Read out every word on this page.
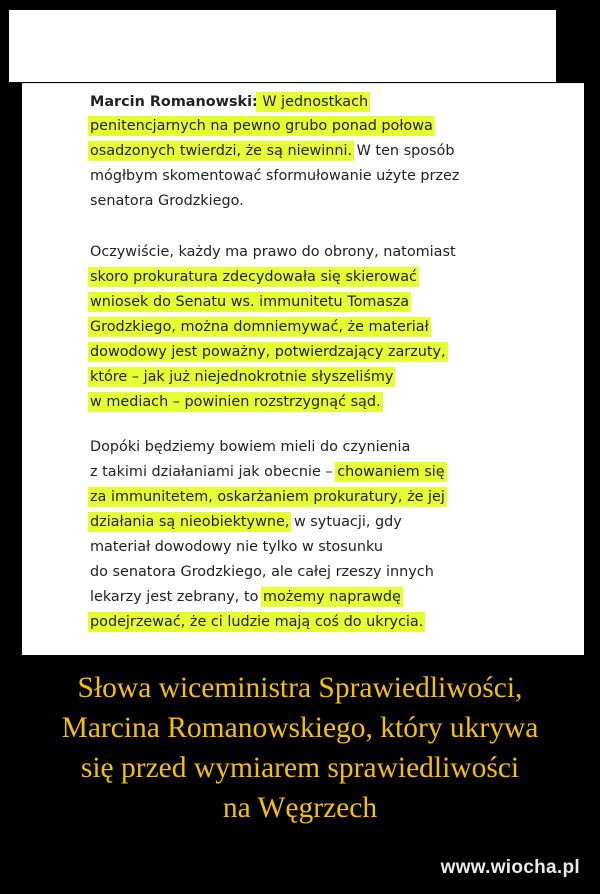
Marcin Romanowski: W jednostkach
penitencjarnych na pewno grubo ponad połowa
osadzonych twierdzi, że są niewinni. W ten sposób
mógłbym skomentować sformułowanie użyte przez
senatora Grodzkiego.
Oczywiście, każdy ma prawo do obrony, natomiast
skoro prokuratura zdecydowała się skierować
wniosek do Senatu ws. immunitetu Tomasza
Grodzkiego, można domniemywać, że materiał
dowodowy jest poważny, potwierdzający zarzuty,
które – jak już niejednokrotnie słyszeliśmy
w mediach – powinien rozstrzygnąć sąd.
Dopóki będziemy bowiem mieli do czynienia
z takimi działaniami jak obecnie – chowaniem się
za immunitetem, oskarżaniem prokuratury, że jej
działania są nieobiektywne, w sytuacji, gdy
materiał dowodowy nie tylko w stosunku
do senatora Grodzkiego, ale całej rzeszy innych
lekarzy jest zebrany, to możemy naprawdę
podejrzewać, że ci ludzie mają coś do ukrycia.
Słowa wiceministra Sprawiedliwości,
Marcina Romanowskiego, który ukrywa
się przed wymiarem sprawiedliwości
na Węgrzech
www.wiocha.pl
